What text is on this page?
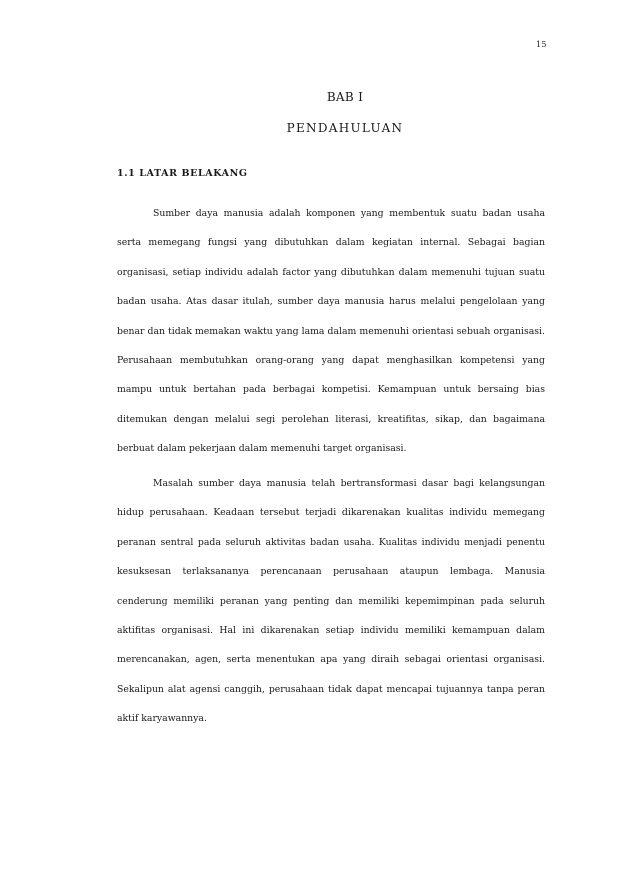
15
BAB I
PENDAHULUAN
1.1 LATAR BELAKANG

Sumber daya manusia adalah komponen yang membentuk suatu badan usaha serta memegang fungsi yang dibutuhkan dalam kegiatan internal. Sebagai bagian organisasi, setiap individu adalah factor yang dibutuhkan dalam memenuhi tujuan suatu badan usaha. Atas dasar itulah, sumber daya manusia harus melalui pengelolaan yang benar dan tidak memakan waktu yang lama dalam memenuhi orientasi sebuah organisasi. Perusahaan membutuhkan orang-orang yang dapat menghasilkan kompetensi yang mampu untuk bertahan pada berbagai kompetisi. Kemampuan untuk bersaing bias ditemukan dengan melalui segi perolehan literasi, kreatifitas, sikap, dan bagaimana berbuat dalam pekerjaan dalam memenuhi target organisasi.

Masalah sumber daya manusia telah bertransformasi dasar bagi kelangsungan hidup perusahaan. Keadaan tersebut terjadi dikarenakan kualitas individu memegang peranan sentral pada seluruh aktivitas badan usaha. Kualitas individu menjadi penentu kesuksesan terlaksananya perencanaan perusahaan ataupun lembaga. Manusia cenderung memiliki peranan yang penting dan memiliki kepemimpinan pada seluruh aktifitas organisasi. Hal ini dikarenakan setiap individu memiliki kemampuan dalam merencanakan, agen, serta menentukan apa yang diraih sebagai orientasi organisasi. Sekalipun alat agensi canggih, perusahaan tidak dapat mencapai tujuannya tanpa peran aktif karyawannya.
